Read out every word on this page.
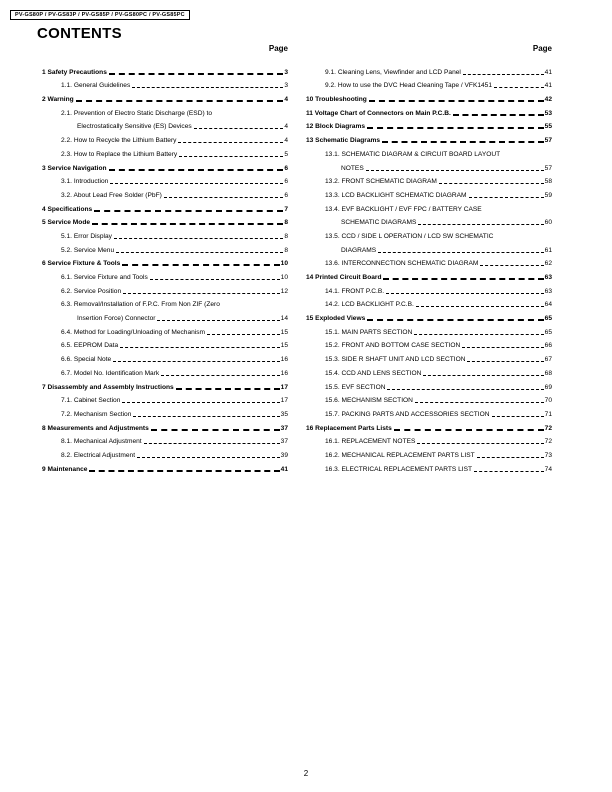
PV-GS80P / PV-GS83P / PV-GS85P / PV-GS80PC / PV-GS85PC
CONTENTS
Page
1 Safety Precautions	3
1.1. General Guidelines	3
2 Warning	4
2.1. Prevention of Electro Static Discharge (ESD) to
Electrostatically Sensitive (ES) Devices	4
2.2. How to Recycle the Lithium Battery	4
2.3. How to Replace the Lithium Battery	5
3 Service Navigation	6
3.1. Introduction	6
3.2. About Lead Free Solder (PbF)	6
4 Specifications	7
5 Service Mode	8
5.1. Error Display	8
5.2. Service Menu	8
6 Service Fixture & Tools	10
6.1. Service Fixture and Tools	10
6.2. Service Position	12
6.3. Removal/Installation of F.P.C. From Non ZIF (Zero
Insertion Force) Connector	14
6.4. Method for Loading/Unloading of Mechanism	15
6.5. EEPROM Data	15
6.6. Special Note	16
6.7. Model No. Identification Mark	16
7 Disassembly and Assembly Instructions	17
7.1. Cabinet Section	17
7.2. Mechanism Section	35
8 Measurements and Adjustments	37
8.1. Mechanical Adjustment	37
8.2. Electrical Adjustment	39
9 Maintenance	41
Page
9.1. Cleaning Lens, Viewfinder and LCD Panel	41
9.2. How to use the DVC Head Cleaning Tape / VFK1451	41
10 Troubleshooting	42
11 Voltage Chart of Connectors on Main P.C.B.	53
12 Block Diagrams	55
13 Schematic Diagrams	57
13.1. SCHEMATIC DIAGRAM & CIRCUIT BOARD LAYOUT
NOTES	57
13.2. FRONT SCHEMATIC DIAGRAM	58
13.3. LCD BACKLIGHT SCHEMATIC DIAGRAM	59
13.4. EVF BACKLIGHT / EVF FPC / BATTERY CASE
SCHEMATIC DIAGRAMS	60
13.5. CCD / SIDE L OPERATION / LCD SW SCHEMATIC
DIAGRAMS	61
13.6. INTERCONNECTION SCHEMATIC DIAGRAM	62
14 Printed Circuit Board	63
14.1. FRONT P.C.B.	63
14.2. LCD BACKLIGHT P.C.B.	64
15 Exploded Views	65
15.1. MAIN PARTS SECTION	65
15.2. FRONT AND BOTTOM CASE SECTION	66
15.3. SIDE R SHAFT UNIT AND LCD SECTION	67
15.4. CCD AND LENS SECTION	68
15.5. EVF SECTION	69
15.6. MECHANISM SECTION	70
15.7. PACKING PARTS AND ACCESSORIES SECTION	71
16 Replacement Parts Lists	72
16.1. REPLACEMENT NOTES	72
16.2. MECHANICAL REPLACEMENT PARTS LIST	73
16.3. ELECTRICAL REPLACEMENT PARTS LIST	74
2
